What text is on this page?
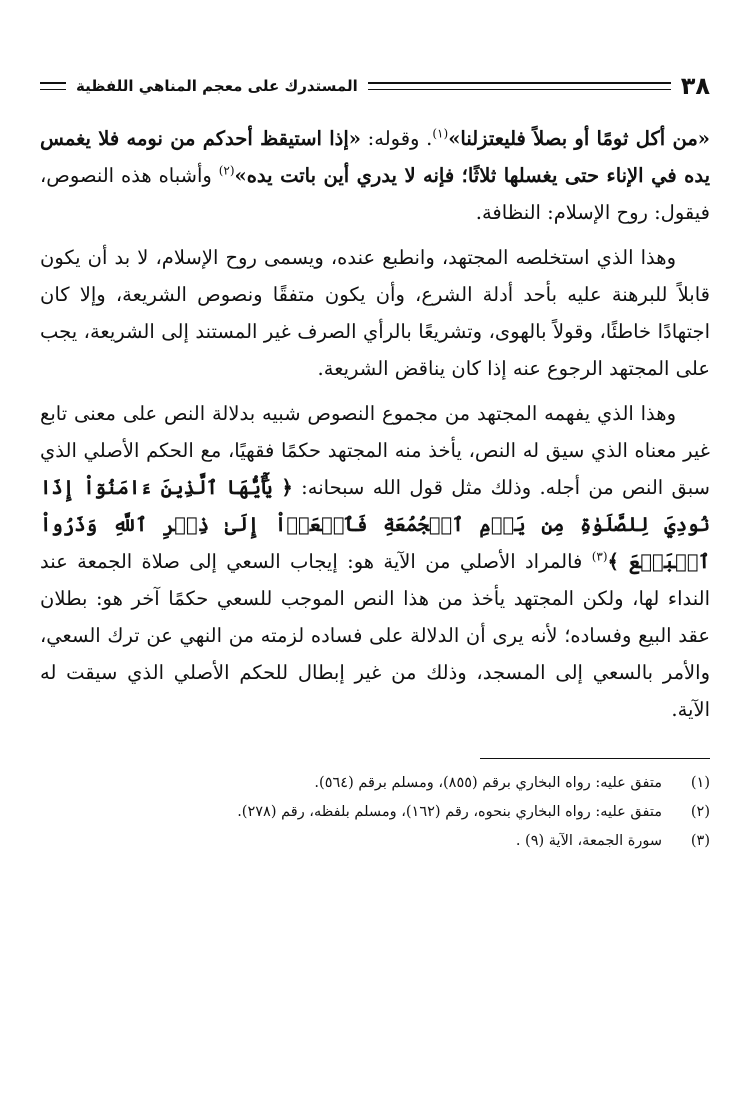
٣٨
المستدرك على معجم المناهي اللفظية

«من أكل ثومًا أو بصلاً فليعتزلنا»$^{(١)}$. وقوله: «إذا استيقظ أحدكم من نومه فلا يغمس يده في الإناء حتى يغسلها ثلاثًا؛ فإنه لا يدري أين باتت يده»$^{(٢)}$ وأشباه هذه النصوص، فيقول: روح الإسلام: النظافة.

وهذا الذي استخلصه المجتهد، وانطبع عنده، ويسمى روح الإسلام، لا بد أن يكون قابلاً للبرهنة عليه بأحد أدلة الشرع، وأن يكون متفقًا ونصوص الشريعة، وإلا كان اجتهادًا خاطئًا، وقولاً بالهوى، وتشريعًا بالرأي الصرف غير المستند إلى الشريعة، يجب على المجتهد الرجوع عنه إذا كان يناقض الشريعة.

وهذا الذي يفهمه المجتهد من مجموع النصوص شبيه بدلالة النص على معنى تابع غير معناه الذي سيق له النص، يأخذ منه المجتهد حكمًا فقهيًا، مع الحكم الأصلي الذي سبق النص من أجله. وذلك مثل قول الله سبحانه: ﴿ يَٰٓأَيُّهَا ٱلَّذِينَ ءَامَنُوٓاْ إِذَا نُودِيَ لِلصَّلَوٰةِ مِن يَوۡمِ ٱلۡجُمُعَةِ فَٱسۡعَوۡاْ إِلَىٰ ذِكۡرِ ٱللَّهِ وَذَرُواْ ٱلۡبَيۡعَ ﴾$^{(٣)}$ فالمراد الأصلي من الآية هو: إيجاب السعي إلى صلاة الجمعة عند النداء لها، ولكن المجتهد يأخذ من هذا النص الموجب للسعي حكمًا آخر هو: بطلان عقد البيع وفساده؛ لأنه يرى أن الدلالة على فساده لزمته من النهي عن ترك السعي، والأمر بالسعي إلى المسجد، وذلك من غير إبطال للحكم الأصلي الذي سيقت له الآية.

(١)
متفق عليه: رواه البخاري برقم (٨٥٥)، ومسلم برقم (٥٦٤).
(٢)
متفق عليه: رواه البخاري بنحوه، رقم (١٦٢)، ومسلم بلفظه، رقم (٢٧٨).
(٣)
سورة الجمعة، الآية (٩) .
